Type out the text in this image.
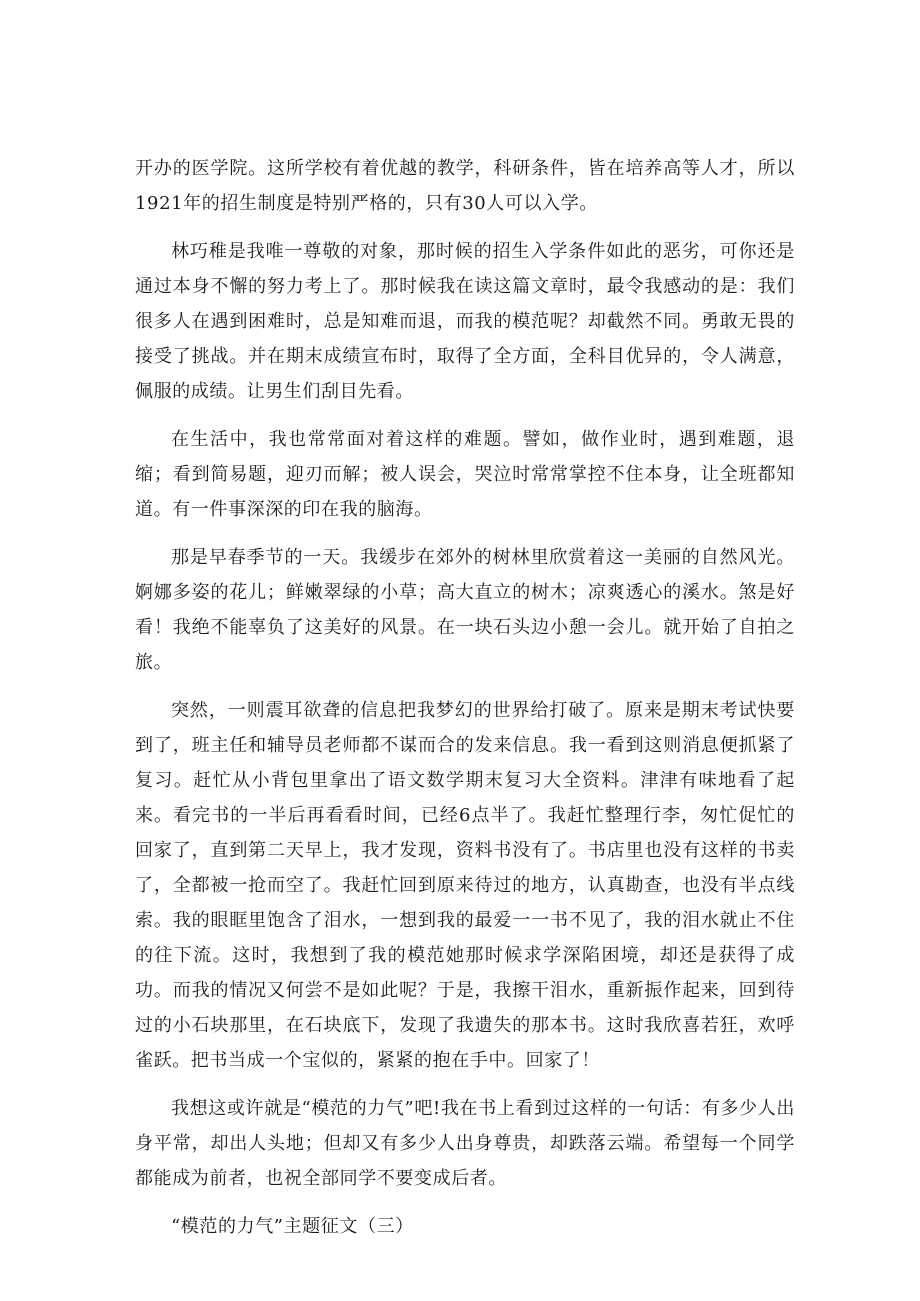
开办的医学院。这所学校有着优越的教学，科研条件，皆在培养高等人才，所以1921年的招生制度是特别严格的，只有30人可以入学。

林巧稚是我唯一尊敬的对象，那时候的招生入学条件如此的恶劣，可你还是通过本身不懈的努力考上了。那时候我在读这篇文章时，最令我感动的是：我们很多人在遇到困难时，总是知难而退，而我的模范呢？却截然不同。勇敢无畏的接受了挑战。并在期末成绩宣布时，取得了全方面，全科目优异的，令人满意，佩服的成绩。让男生们刮目先看。

在生活中，我也常常面对着这样的难题。譬如，做作业时，遇到难题，退缩；看到简易题，迎刃而解；被人误会，哭泣时常常掌控不住本身，让全班都知道。有一件事深深的印在我的脑海。

那是早春季节的一天。我缓步在郊外的树林里欣赏着这一美丽的自然风光。婀娜多姿的花儿；鲜嫩翠绿的小草；高大直立的树木；凉爽透心的溪水。煞是好看！我绝不能辜负了这美好的风景。在一块石头边小憩一会儿。就开始了自拍之旅。

突然，一则震耳欲聋的信息把我梦幻的世界给打破了。原来是期末考试快要到了，班主任和辅导员老师都不谋而合的发来信息。我一看到这则消息便抓紧了复习。赶忙从小背包里拿出了语文数学期末复习大全资料。津津有味地看了起来。看完书的一半后再看看时间，已经6点半了。我赶忙整理行李，匆忙促忙的回家了，直到第二天早上，我才发现，资料书没有了。书店里也没有这样的书卖了，全都被一抢而空了。我赶忙回到原来待过的地方，认真勘查，也没有半点线索。我的眼眶里饱含了泪水，一想到我的最爱一一书不见了，我的泪水就止不住的往下流。这时，我想到了我的模范她那时候求学深陷困境，却还是获得了成功。而我的情况又何尝不是如此呢？于是，我擦干泪水，重新振作起来，回到待过的小石块那里，在石块底下，发现了我遗失的那本书。这时我欣喜若狂，欢呼雀跃。把书当成一个宝似的，紧紧的抱在手中。回家了！

我想这或许就是“模范的力气”吧!我在书上看到过这样的一句话：有多少人出身平常，却出人头地；但却又有多少人出身尊贵，却跌落云端。希望每一个同学都能成为前者，也祝全部同学不要变成后者。

“模范的力气”主题征文（三）
